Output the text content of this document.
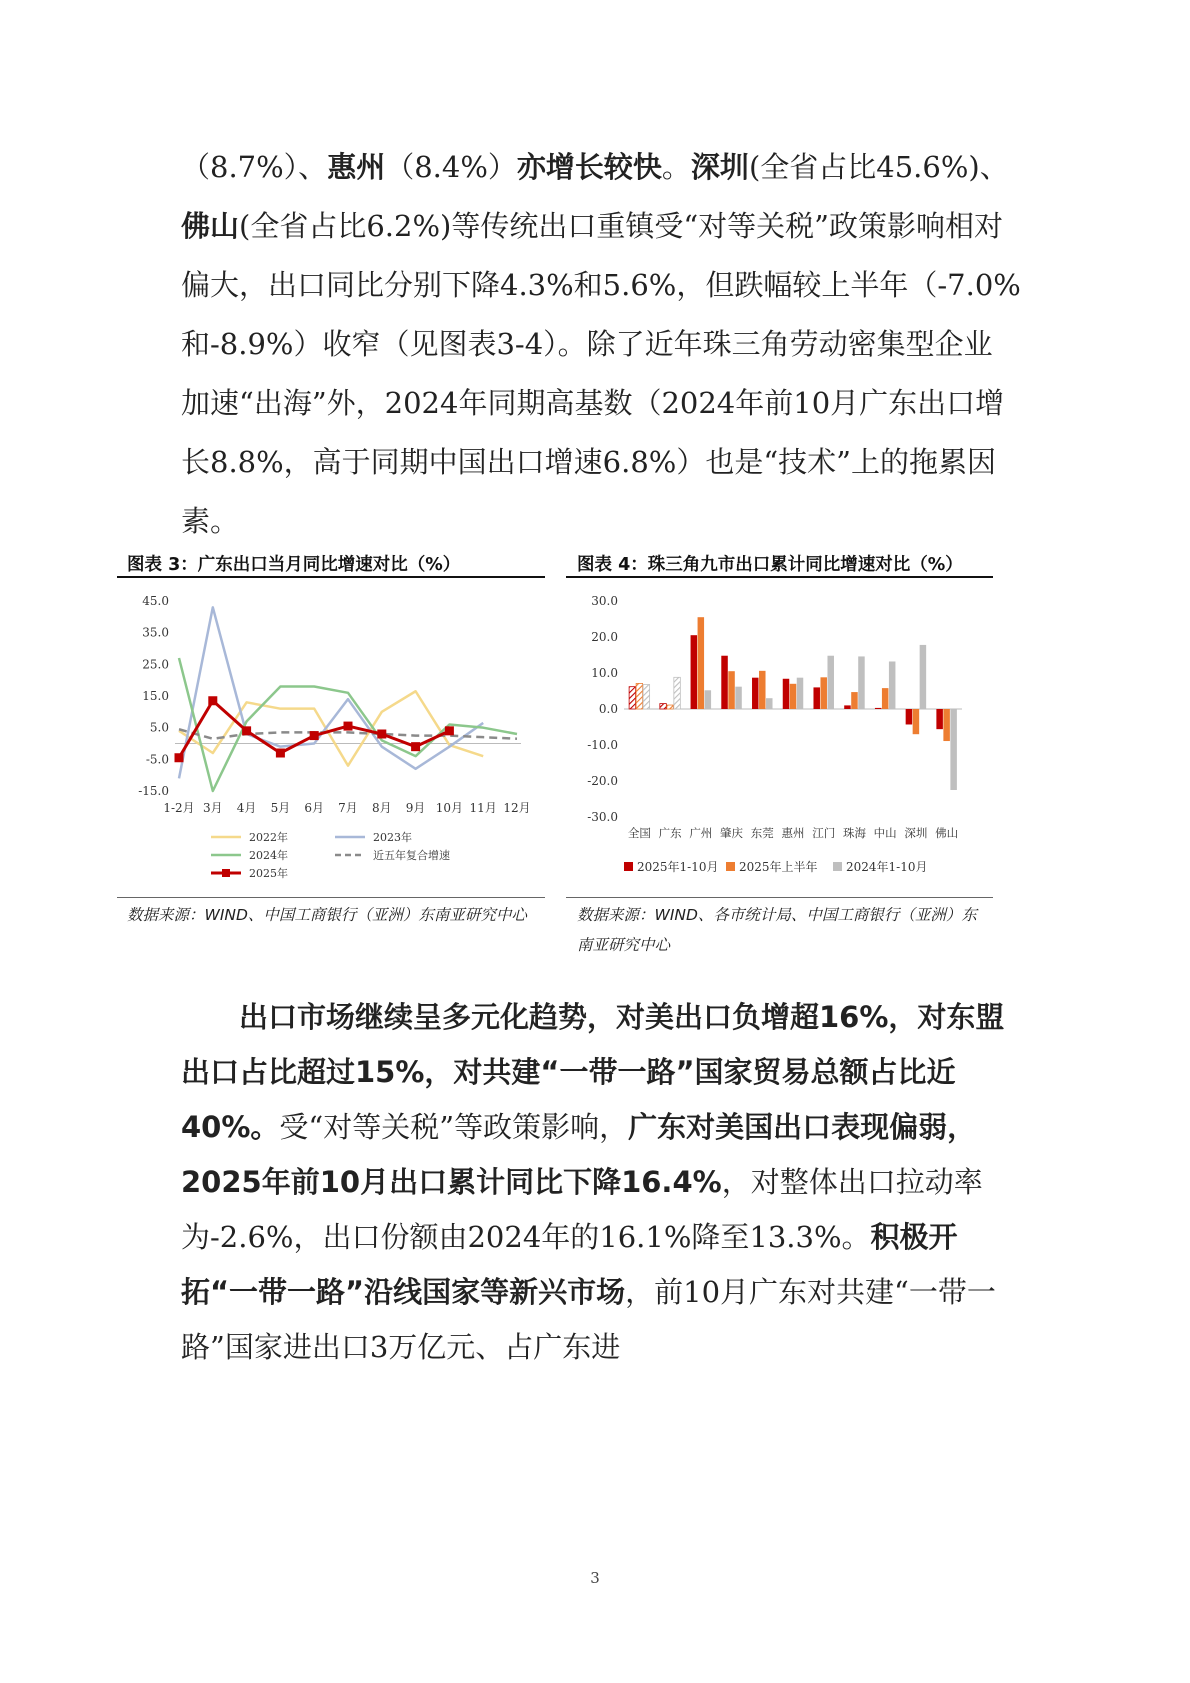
（8.7%）、惠州（8.4%）亦增长较快。深圳(全省占比45.6%)、佛山(全省占比6.2%)等传统出口重镇受“对等关税”政策影响相对偏大，出口同比分别下降4.3%和5.6%，但跌幅较上半年（-7.0%和-8.9%）收窄（见图表3-4）。除了近年珠三角劳动密集型企业加速“出海”外，2024年同期高基数（2024年前10月广东出口增长8.8%，高于同期中国出口增速6.8%）也是“技术”上的拖累因素。

图表 3：广东出口当月同比增速对比（%）
45.0
35.0
25.0
15.0
5.0
-5.0
-15.0
1-2月 3月 4月 5月 6月 7月 8月 9月 10月 11月 12月
2022年	2023年
2024年	近五年复合增速
2025年
数据来源：WIND、中国工商银行（亚洲）东南亚研究中心
图表 4：珠三角九市出口累计同比增速对比（%）
30.0
20.0
10.0
0.0
-10.0
-20.0
-30.0
全国 广东 广州 肇庆 东莞 惠州 江门 珠海 中山 深圳 佛山
2025年1-10月 2025年上半年 2024年1-10月
数据来源：WIND、各市统计局、中国工商银行（亚洲）东南亚研究中心

　　出口市场继续呈多元化趋势，对美出口负增超16%，对东盟出口占比超过15%，对共建“一带一路”国家贸易总额占比近40%。受“对等关税”等政策影响，广东对美国出口表现偏弱，2025年前10月出口累计同比下降16.4%，对整体出口拉动率为-2.6%，出口份额由2024年的16.1%降至13.3%。积极开拓“一带一路”沿线国家等新兴市场，前10月广东对共建“一带一路”国家进出口3万亿元、占广东进

3
